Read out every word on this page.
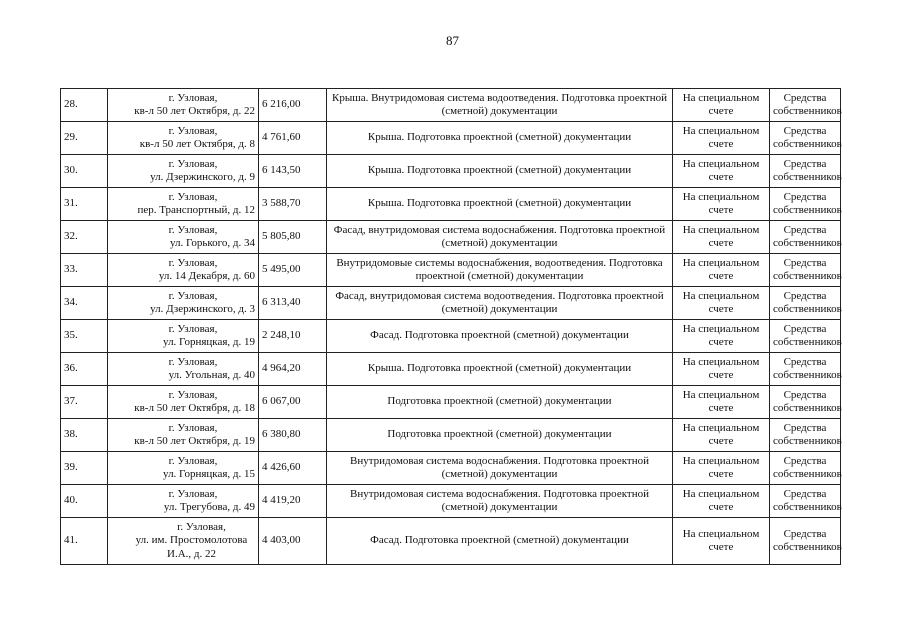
87
28.	г. Узловая,
кв-л 50 лет Октября, д. 22	6 216,00	Крыша. Внутридомовая система водоотведения. Подготовка проектной (сметной) документации	На специальном счете	Средства собственников
29.	г. Узловая,
кв-л 50 лет Октября, д. 8	4 761,60	Крыша. Подготовка проектной (сметной) документации	На специальном счете	Средства собственников
30.	г. Узловая,
ул. Дзержинского, д. 9	6 143,50	Крыша. Подготовка проектной (сметной) документации	На специальном счете	Средства собственников
31.	г. Узловая,
пер. Транспортный, д. 12	3 588,70	Крыша. Подготовка проектной (сметной) документации	На специальном счете	Средства собственников
32.	г. Узловая,
ул. Горького, д. 34	5 805,80	Фасад, внутридомовая система водоснабжения. Подготовка проектной (сметной) документации	На специальном счете	Средства собственников
33.	г. Узловая,
ул. 14 Декабря, д. 60	5 495,00	Внутридомовые системы водоснабжения, водоотведения. Подготовка проектной (сметной) документации	На специальном счете	Средства собственников
34.	г. Узловая,
ул. Дзержинского, д. 3	6 313,40	Фасад, внутридомовая система водоотведения. Подготовка проектной (сметной) документации	На специальном счете	Средства собственников
35.	г. Узловая,
ул. Горняцкая, д. 19	2 248,10	Фасад. Подготовка проектной (сметной) документации	На специальном счете	Средства собственников
36.	г. Узловая,
ул. Угольная, д. 40	4 964,20	Крыша. Подготовка проектной (сметной) документации	На специальном счете	Средства собственников
37.	г. Узловая,
кв-л 50 лет Октября, д. 18	6 067,00	Подготовка проектной (сметной) документации	На специальном счете	Средства собственников
38.	г. Узловая,
кв-л 50 лет Октября, д. 19	6 380,80	Подготовка проектной (сметной) документации	На специальном счете	Средства собственников
39.	г. Узловая,
ул. Горняцкая, д. 15	4 426,60	Внутридомовая система водоснабжения. Подготовка проектной (сметной) документации	На специальном счете	Средства собственников
40.	г. Узловая,
ул. Трегубова, д. 49	4 419,20	Внутридомовая система водоснабжения. Подготовка проектной (сметной) документации	На специальном счете	Средства собственников
41.	г. Узловая,
ул. им. Простомолотова И.А., д. 22	4 403,00	Фасад. Подготовка проектной (сметной) документации	На специальном счете	Средства собственников
